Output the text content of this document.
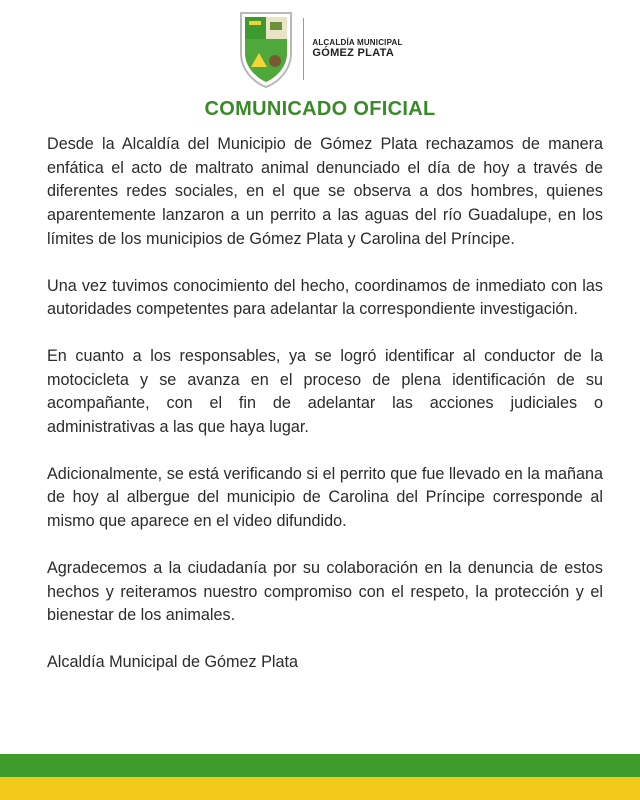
ALCALDÍA MUNICIPAL
GÓMEZ PLATA
COMUNICADO OFICIAL

Desde la Alcaldía del Municipio de Gómez Plata rechazamos de manera enfática el acto de maltrato animal denunciado el día de hoy a través de diferentes redes sociales, en el que se observa a dos hombres, quienes aparentemente lanzaron a un perrito a las aguas del río Guadalupe, en los límites de los municipios de Gómez Plata y Carolina del Príncipe.

Una vez tuvimos conocimiento del hecho, coordinamos de inmediato con las autoridades competentes para adelantar la correspondiente investigación.

En cuanto a los responsables, ya se logró identificar al conductor de la motocicleta y se avanza en el proceso de plena identificación de su acompañante, con el fin de adelantar las acciones judiciales o administrativas a las que haya lugar.

Adicionalmente, se está verificando si el perrito que fue llevado en la mañana de hoy al albergue del municipio de Carolina del Príncipe corresponde al mismo que aparece en el video difundido.

Agradecemos a la ciudadanía por su colaboración en la denuncia de estos hechos y reiteramos nuestro compromiso con el respeto, la protección y el bienestar de los animales.

Alcaldía Municipal de Gómez Plata
